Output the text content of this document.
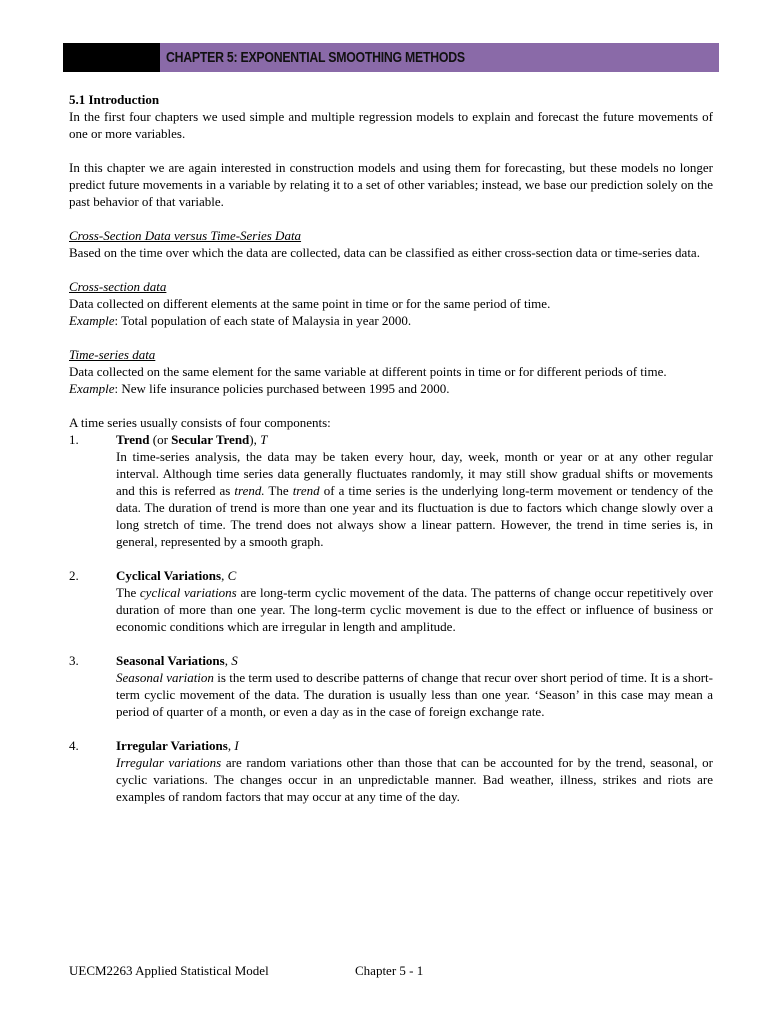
CHAPTER 5: EXPONENTIAL SMOOTHING METHODS

5.1 Introduction

In the first four chapters we used simple and multiple regression models to explain and forecast the future movements of one or more variables.

In this chapter we are again interested in construction models and using them for forecasting, but these models no longer predict future movements in a variable by relating it to a set of other variables; instead, we base our prediction solely on the past behavior of that variable.

Cross-Section Data versus Time-Series Data

Based on the time over which the data are collected, data can be classified as either cross-section data or time-series data.

Cross-section data

Data collected on different elements at the same point in time or for the same period of time.

Example: Total population of each state of Malaysia in year 2000.

Time-series data

Data collected on the same element for the same variable at different points in time or for different periods of time.

Example: New life insurance policies purchased between 1995 and 2000.

A time series usually consists of four components:

1.	Trend (or Secular Trend), T

In time-series analysis, the data may be taken every hour, day, week, month or year or at any other regular interval. Although time series data generally fluctuates randomly, it may still show gradual shifts or movements and this is referred as trend. The trend of a time series is the underlying long-term movement or tendency of the data. The duration of trend is more than one year and its fluctuation is due to factors which change slowly over a long stretch of time. The trend does not always show a linear pattern. However, the trend in time series is, in general, represented by a smooth graph.

2.	Cyclical Variations, C

The cyclical variations are long-term cyclic movement of the data. The patterns of change occur repetitively over duration of more than one year. The long-term cyclic movement is due to the effect or influence of business or economic conditions which are irregular in length and amplitude.

3.	Seasonal Variations, S

Seasonal variation is the term used to describe patterns of change that recur over short period of time. It is a short-term cyclic movement of the data. The duration is usually less than one year. ‘Season’ in this case may mean a period of quarter of a month, or even a day as in the case of foreign exchange rate.

4.	Irregular Variations, I

Irregular variations are random variations other than those that can be accounted for by the trend, seasonal, or cyclic variations. The changes occur in an unpredictable manner. Bad weather, illness, strikes and riots are examples of random factors that may occur at any time of the day.

UECM2263 Applied Statistical Model	Chapter 5 - 1
